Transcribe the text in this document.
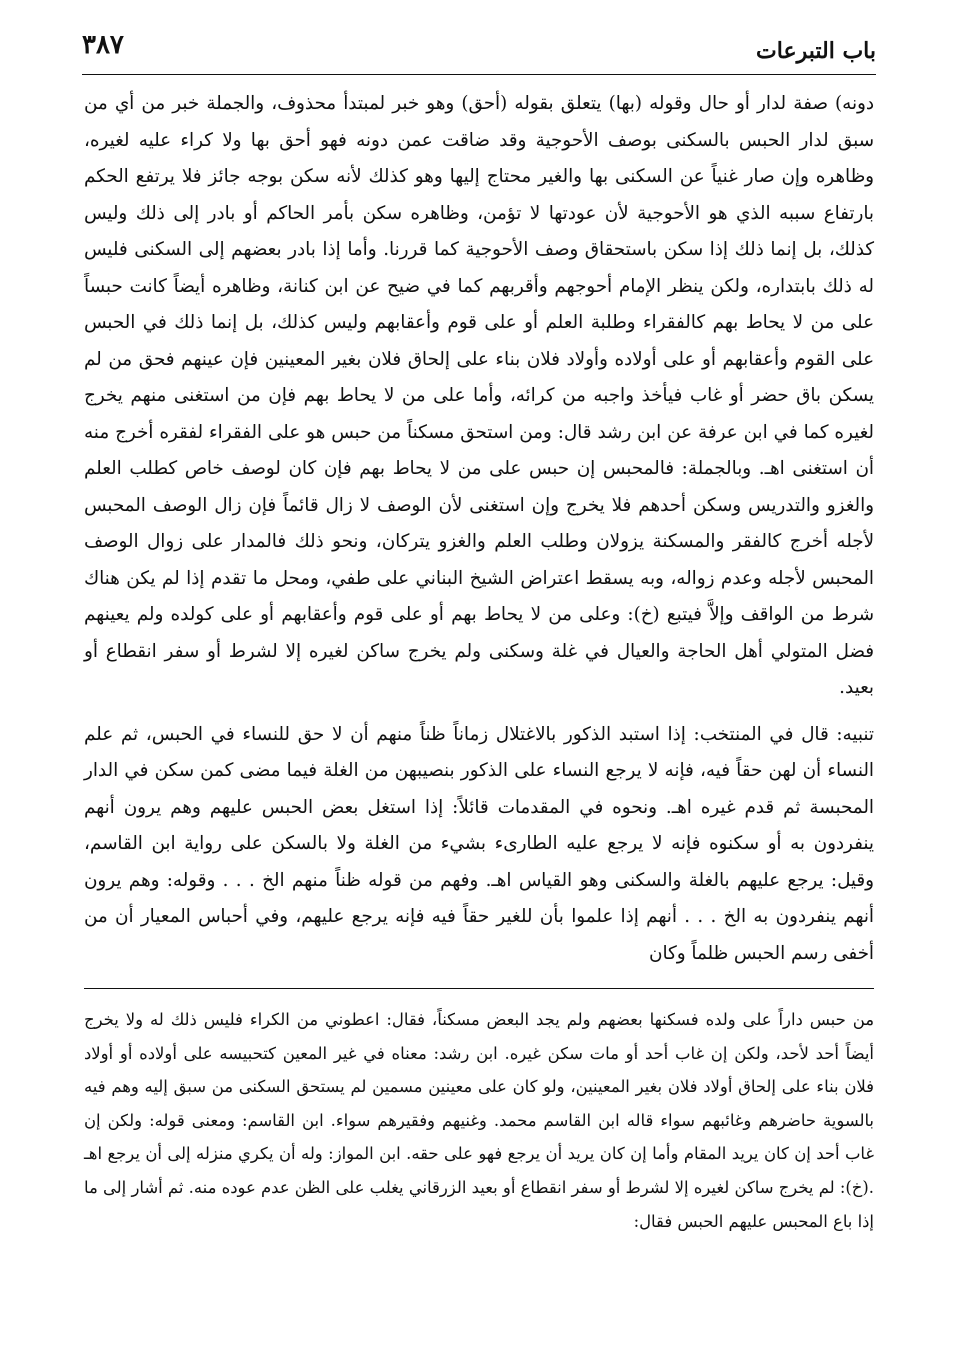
باب التبرعات
٣٨٧

دونه) صفة لدار أو حال وقوله (بها) يتعلق بقوله (أحق) وهو خبر لمبتدأ محذوف، والجملة خبر من أي من سبق لدار الحبس بالسكنى بوصف الأحوجية وقد ضاقت عمن دونه فهو أحق بها ولا كراء عليه لغيره، وظاهره وإن صار غنياً عن السكنى بها والغير محتاج إليها وهو كذلك لأنه سكن بوجه جائز فلا يرتفع الحكم بارتفاع سببه الذي هو الأحوجية لأن عودتها لا تؤمن، وظاهره سكن بأمر الحاكم أو بادر إلى ذلك وليس كذلك، بل إنما ذلك إذا سكن باستحقاق وصف الأحوجية كما قررنا. وأما إذا بادر بعضهم إلى السكنى فليس له ذلك بابتداره، ولكن ينظر الإمام أحوجهم وأقربهم كما في ضيح عن ابن كنانة، وظاهره أيضاً كانت حبساً على من لا يحاط بهم كالفقراء وطلبة العلم أو على قوم وأعقابهم وليس كذلك، بل إنما ذلك في الحبس على القوم وأعقابهم أو على أولاده وأولاد فلان بناء على إلحاق فلان بغير المعينين فإن عينهم فحق من لم يسكن باق حضر أو غاب فيأخذ واجبه من كرائه، وأما على من لا يحاط بهم فإن من استغنى منهم يخرج لغيره كما في ابن عرفة عن ابن رشد قال: ومن استحق مسكناً من حبس هو على الفقراء لفقره أخرج منه أن استغنى اهـ. وبالجملة: فالمحبس إن حبس على من لا يحاط بهم فإن كان لوصف خاص كطلب العلم والغزو والتدريس وسكن أحدهم فلا يخرج وإن استغنى لأن الوصف لا زال قائماً فإن زال الوصف المحبس لأجله أخرج كالفقر والمسكنة يزولان وطلب العلم والغزو يتركان، ونحو ذلك فالمدار على زوال الوصف المحبس لأجله وعدم زواله، وبه يسقط اعتراض الشيخ البناني على طفي، ومحل ما تقدم إذا لم يكن هناك شرط من الواقف وإلاَّ فيتبع (خ): وعلى من لا يحاط بهم أو على قوم وأعقابهم أو على كولده ولم يعينهم فضل المتولي أهل الحاجة والعيال في غلة وسكنى ولم يخرج ساكن لغيره إلا لشرط أو سفر انقطاع أو بعيد.

تنبيه: قال في المنتخب: إذا استبد الذكور بالاغتلال زماناً ظناً منهم أن لا حق للنساء في الحبس، ثم علم النساء أن لهن حقاً فيه، فإنه لا يرجع النساء على الذكور بنصيبهن من الغلة فيما مضى كمن سكن في الدار المحبسة ثم قدم غيره اهـ. ونحوه في المقدمات قائلاً: إذا استغل بعض الحبس عليهم وهم يرون أنهم ينفردون به أو سكنوه فإنه لا يرجع عليه الطارىء بشيء من الغلة ولا بالسكن على رواية ابن القاسم، وقيل: يرجع عليهم بالغلة والسكنى وهو القياس اهـ. وفهم من قوله ظناً منهم الخ . . . وقوله: وهم يرون أنهم ينفردون به الخ . . . أنهم إذا علموا بأن للغير حقاً فيه فإنه يرجع عليهم، وفي أحباس المعيار أن من أخفى رسم الحبس ظلماً وكان

من حبس داراً على ولده فسكنها بعضهم ولم يجد البعض مسكناً، فقال: اعطوني من الكراء فليس ذلك له ولا يخرج أيضاً أحد لأحد، ولكن إن غاب أحد أو مات سكن غيره. ابن رشد: معناه في غير المعين كتحبيسه على أولاده أو أولاد فلان بناء على إلحاق أولاد فلان بغير المعينين، ولو كان على معينين مسمين لم يستحق السكنى من سبق إليه وهم فيه بالسوية حاضرهم وغائبهم سواء قاله ابن القاسم محمد. وغنيهم وفقيرهم سواء. ابن القاسم: ومعنى قوله: ولكن إن غاب أحد إن كان يريد المقام وأما إن كان يريد أن يرجع فهو على حقه. ابن المواز: وله أن يكري منزله إلى أن يرجع اهـ .(خ): لم يخرج ساكن لغيره إلا لشرط أو سفر انقطاع أو بعيد الزرقاني يغلب على الظن عدم عوده منه. ثم أشار إلى ما إذا باع المحبس عليهم الحبس فقال:
